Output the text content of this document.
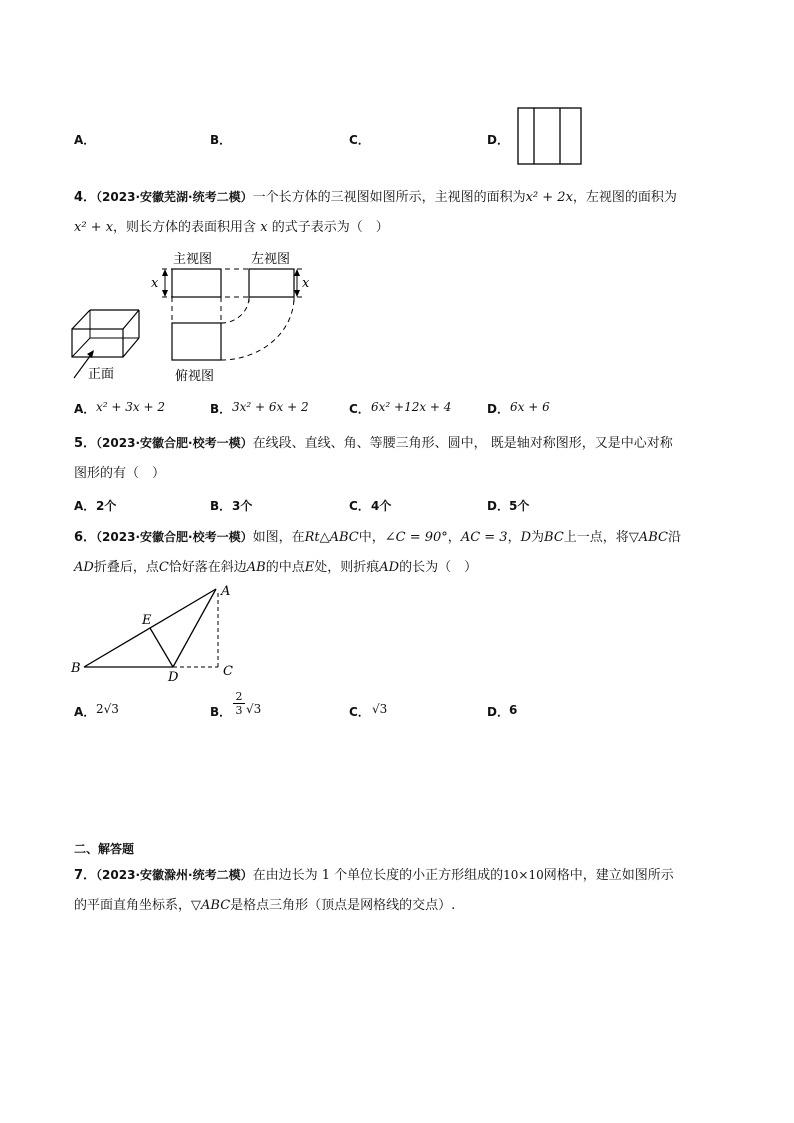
A．	B．	C．	D．
4．（2023·安徽芜湖·统考二模）一个长方体的三视图如图所示，主视图的面积为x² + 2x，左视图的面积为
x² + x，则长方体的表面积用含 x 的式子表示为（　）
主视图	左视图
x	x
俯视图
正面
A． x² + 3x + 2	B． 3x² + 6x + 2	C． 6x² +12x + 4	D． 6x + 6
5．（2023·安徽合肥·校考一模）在线段、直线、角、等腰三角形、圆中， 既是轴对称图形，又是中心对称
图形的有（　）
A． 2个	B． 3个	C． 4个	D． 5个
6．（2023·安徽合肥·校考一模）如图，在Rt△ABC中，∠C = 90°，AC = 3，D为BC上一点，将▽ABC沿
AD折叠后，点C恰好落在斜边AB的中点E处，则折痕AD的长为（　）
A
B	C
D
E
A． 2√3	B． $\frac{2}{3} √3$	C． √3	D． 6
二、解答题
7．（2023·安徽滁州·统考二模）在由边长为 1 个单位长度的小正方形组成的10×10网格中，建立如图所示
的平面直角坐标系，▽ABC是格点三角形（顶点是网格线的交点）.
